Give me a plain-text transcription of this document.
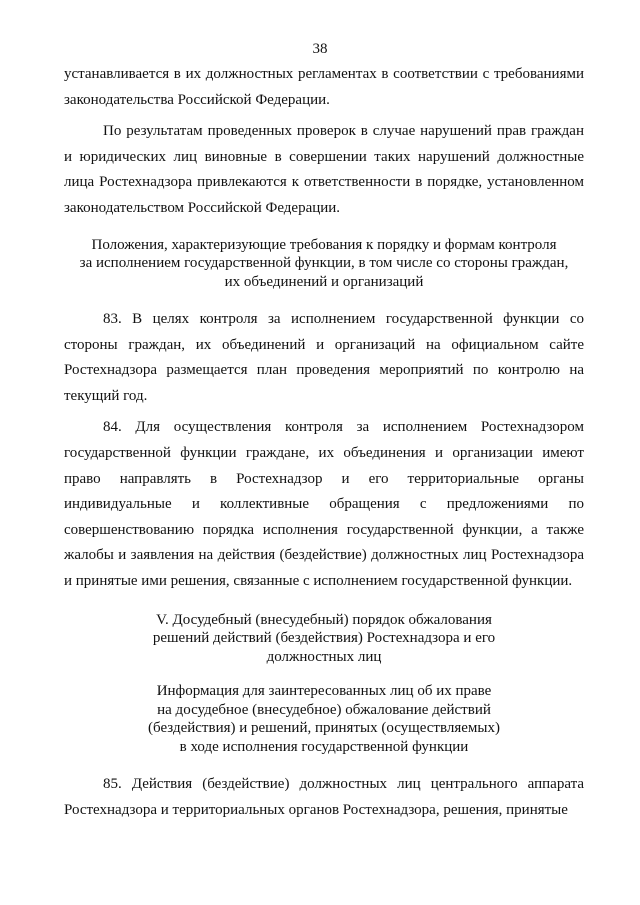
38

устанавливается в их должностных регламентах в соответствии с требованиями законодательства Российской Федерации.

По результатам проведенных проверок в случае нарушений прав граждан и юридических лиц виновные в совершении таких нарушений должностные лица Ростехнадзора привлекаются к ответственности в порядке, установленном законодательством Российской Федерации.

Положения, характеризующие требования к порядку и формам контроля
за исполнением государственной функции, в том числе со стороны граждан,
их объединений и организаций

83. В целях контроля за исполнением государственной функции со стороны граждан, их объединений и организаций на официальном сайте Ростехнадзора размещается план проведения мероприятий по контролю на текущий год.

84. Для осуществления контроля за исполнением Ростехнадзором государственной функции граждане, их объединения и организации имеют право направлять в Ростехнадзор и его территориальные органы индивидуальные и коллективные обращения с предложениями по совершенствованию порядка исполнения государственной функции, а также жалобы и заявления на действия (бездействие) должностных лиц Ростехнадзора и принятые ими решения, связанные с исполнением государственной функции.

V. Досудебный (внесудебный) порядок обжалования
решений действий (бездействия) Ростехнадзора и его
должностных лиц
Информация для заинтересованных лиц об их праве
на досудебное (внесудебное) обжалование действий
(бездействия) и решений, принятых (осуществляемых)
в ходе исполнения государственной функции

85. Действия (бездействие) должностных лиц центрального аппарата Ростехнадзора и территориальных органов Ростехнадзора, решения, принятые
